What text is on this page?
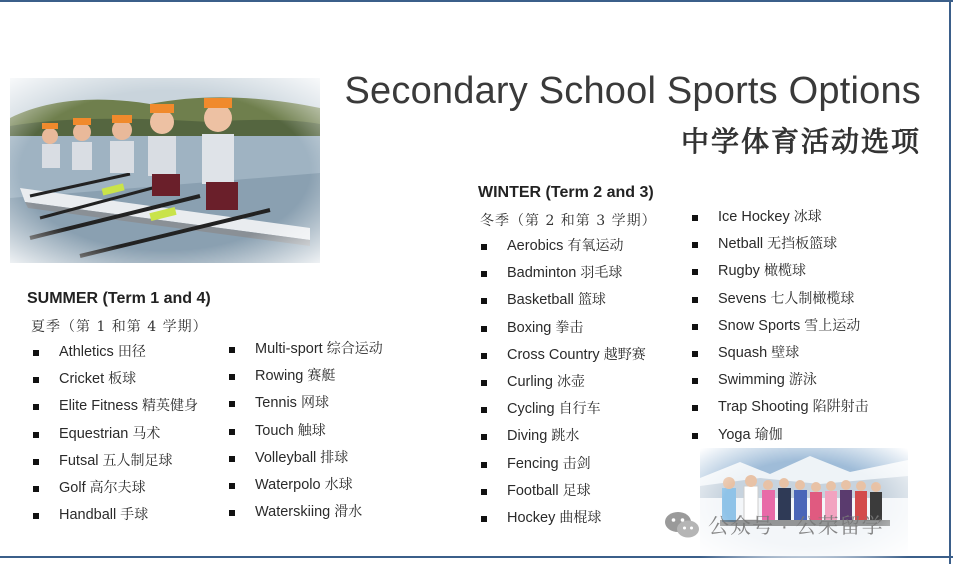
Secondary School Sports Options
中学体育活动选项
SUMMER (Term 1 and 4)
夏季（第 1 和第 4 学期）
Athletics 田径
Cricket 板球
Elite Fitness 精英健身
Equestrian 马术
Futsal 五人制足球
Golf 高尔夫球
Handball 手球
Multi-sport 综合运动
Rowing 赛艇
Tennis 网球
Touch 触球
Volleyball 排球
Waterpolo 水球
Waterskiing 滑水
WINTER (Term 2 and 3)
冬季（第 2 和第 3 学期）
Aerobics 有氧运动
Badminton 羽毛球
Basketball 篮球
Boxing 拳击
Cross Country 越野赛
Curling 冰壶
Cycling 自行车
Diving 跳水
Fencing 击剑
Football 足球
Hockey 曲棍球
Ice Hockey 冰球
Netball 无挡板篮球
Rugby 橄榄球
Sevens 七人制橄榄球
Snow Sports 雪上运动
Squash 壁球
Swimming 游泳
Trap Shooting 陷阱射击
Yoga 瑜伽
公众号 · 公荣留学
